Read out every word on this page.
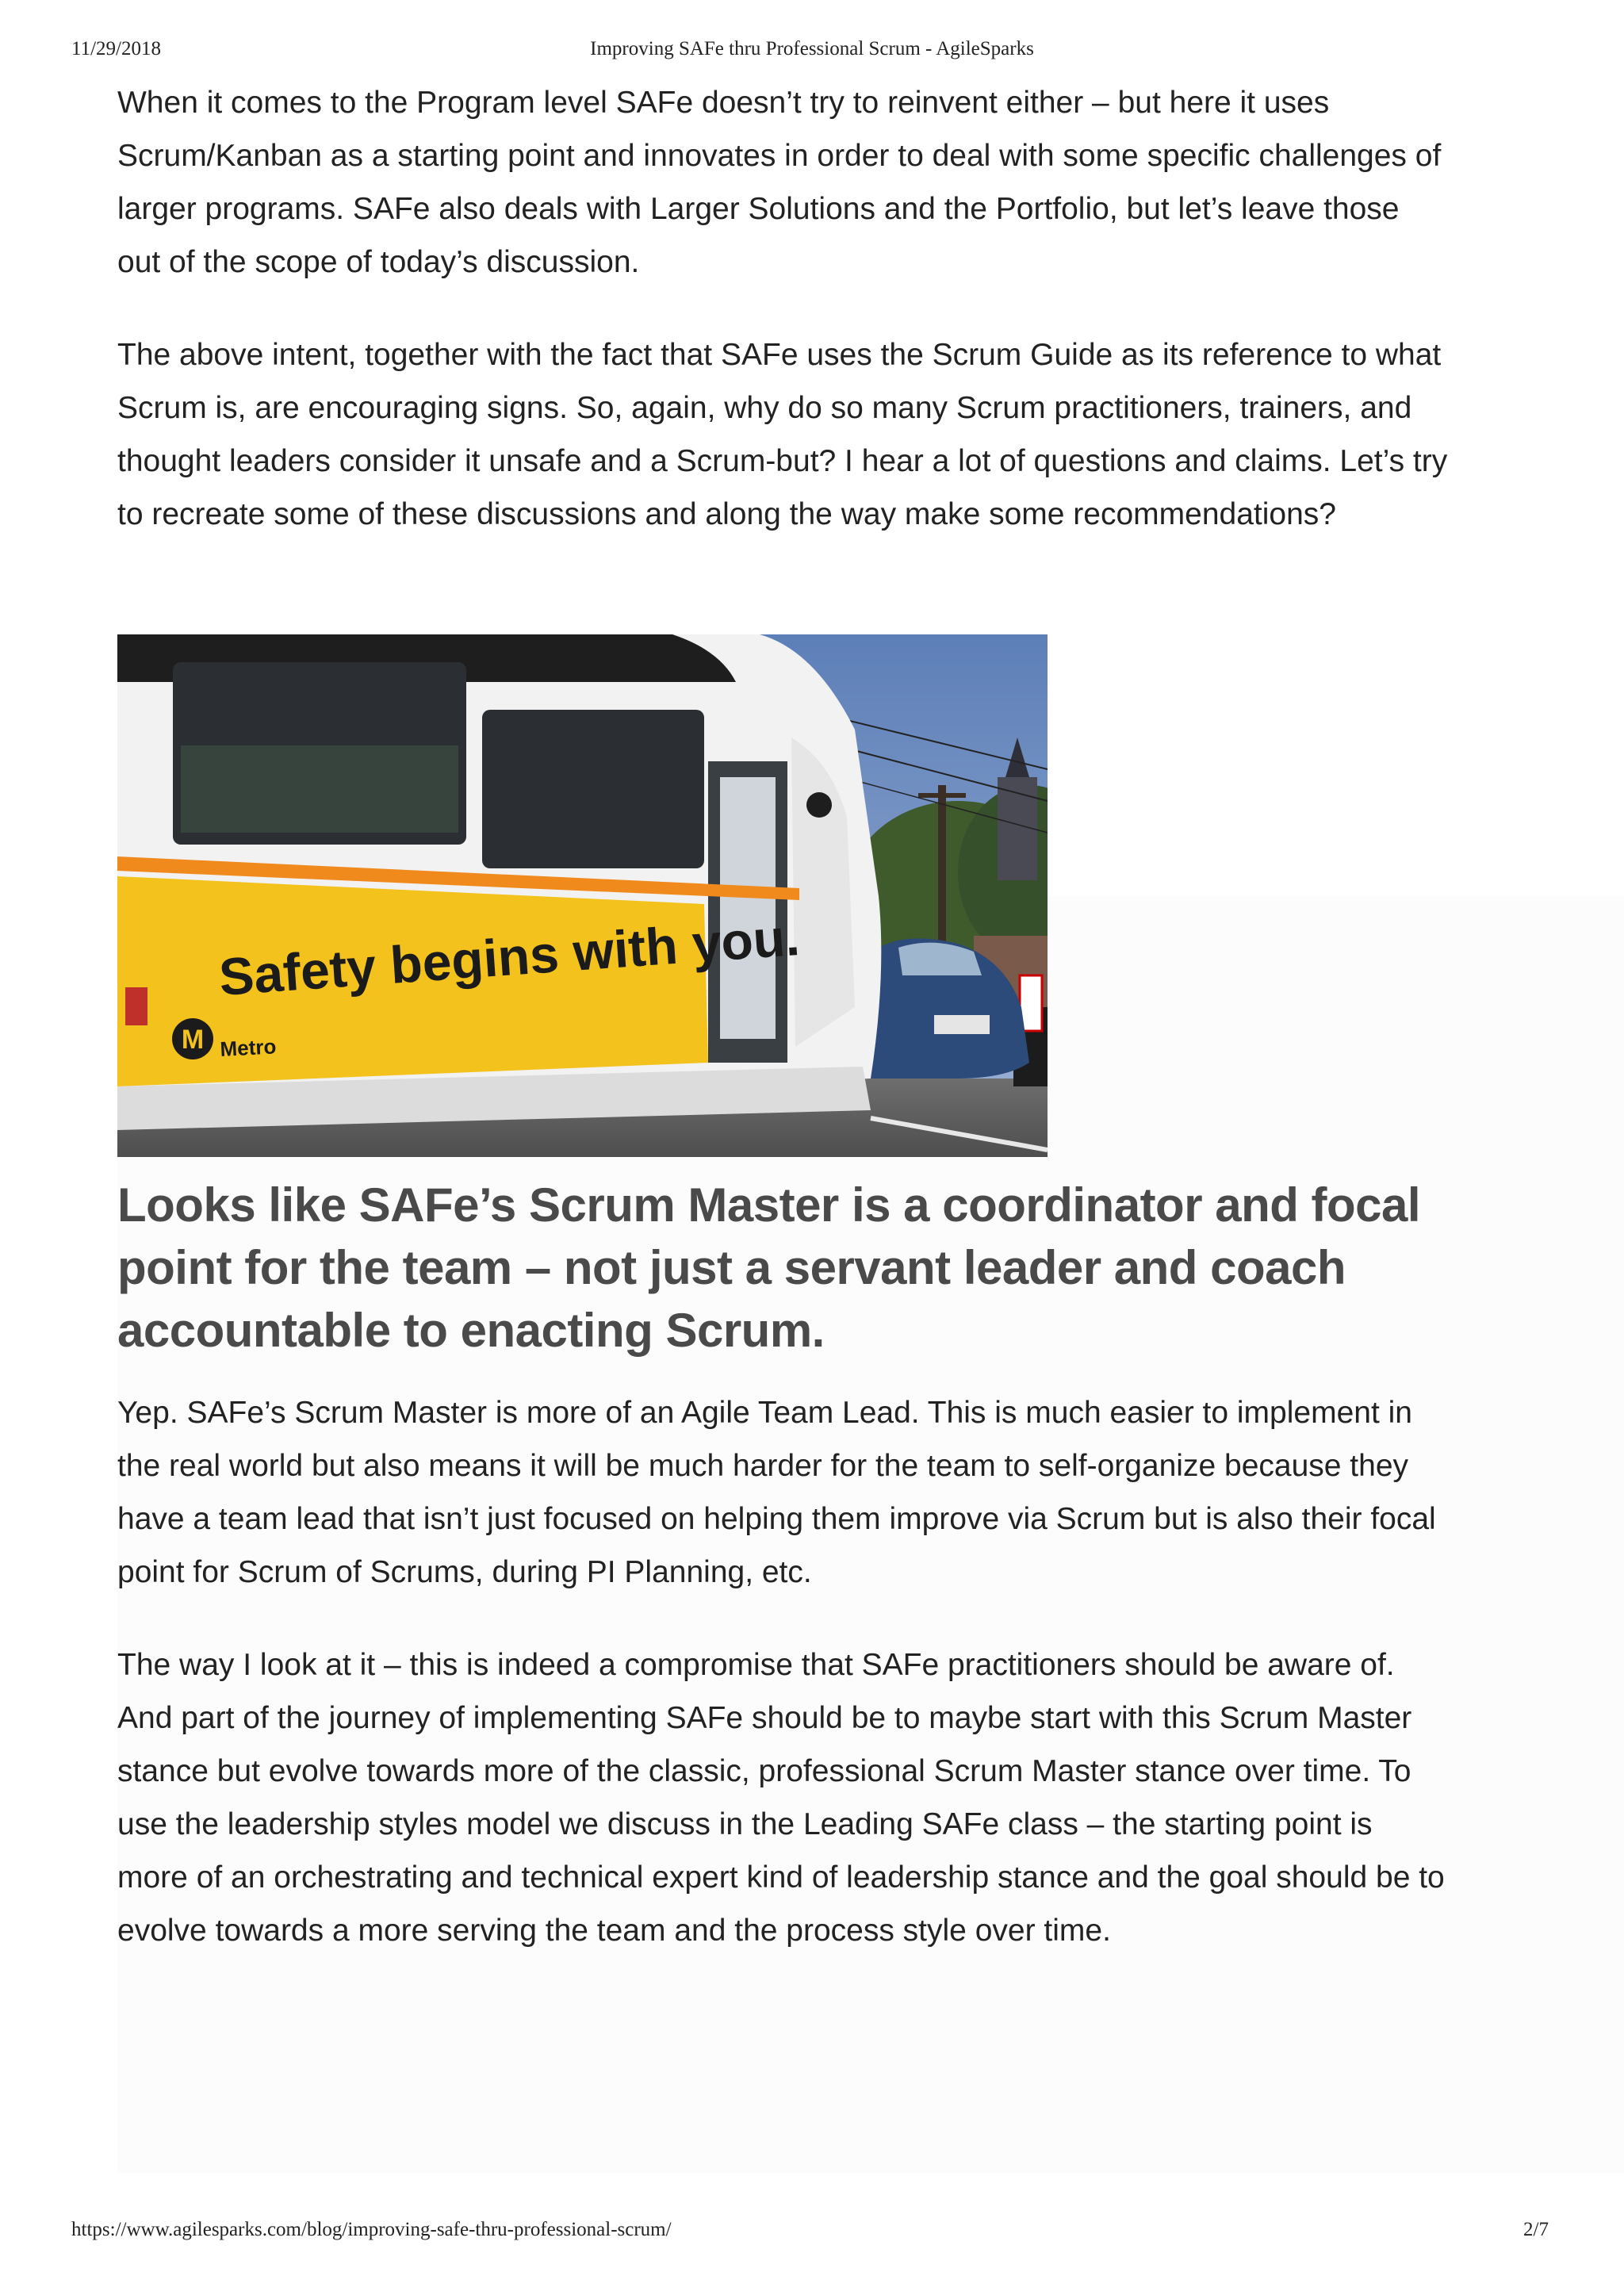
11/29/2018	Improving SAFe thru Professional Scrum - AgileSparks

When it comes to the Program level SAFe doesn’t try to reinvent either – but here it uses Scrum/Kanban as a starting point and innovates in order to deal with some specific challenges of larger programs. SAFe also deals with Larger Solutions and the Portfolio, but let’s leave those out of the scope of today’s discussion.

The above intent, together with the fact that SAFe uses the Scrum Guide as its reference to what Scrum is, are encouraging signs. So, again, why do so many Scrum practitioners, trainers, and thought leaders consider it unsafe and a Scrum-but? I hear a lot of questions and claims. Let’s try to recreate some of these discussions and along the way make some recommendations?

Safety begins with you.
M Metro
Looks like SAFe’s Scrum Master is a coordinator and focal point for the team – not just a servant leader and coach accountable to enacting Scrum.

Yep. SAFe’s Scrum Master is more of an Agile Team Lead. This is much easier to implement in the real world but also means it will be much harder for the team to self-organize because they have a team lead that isn’t just focused on helping them improve via Scrum but is also their focal point for Scrum of Scrums, during PI Planning, etc.

The way I look at it – this is indeed a compromise that SAFe practitioners should be aware of. And part of the journey of implementing SAFe should be to maybe start with this Scrum Master stance but evolve towards more of the classic, professional Scrum Master stance over time. To use the leadership styles model we discuss in the Leading SAFe class – the starting point is more of an orchestrating and technical expert kind of leadership stance and the goal should be to evolve towards a more serving the team and the process style over time.

https://www.agilesparks.com/blog/improving-safe-thru-professional-scrum/	2/7
